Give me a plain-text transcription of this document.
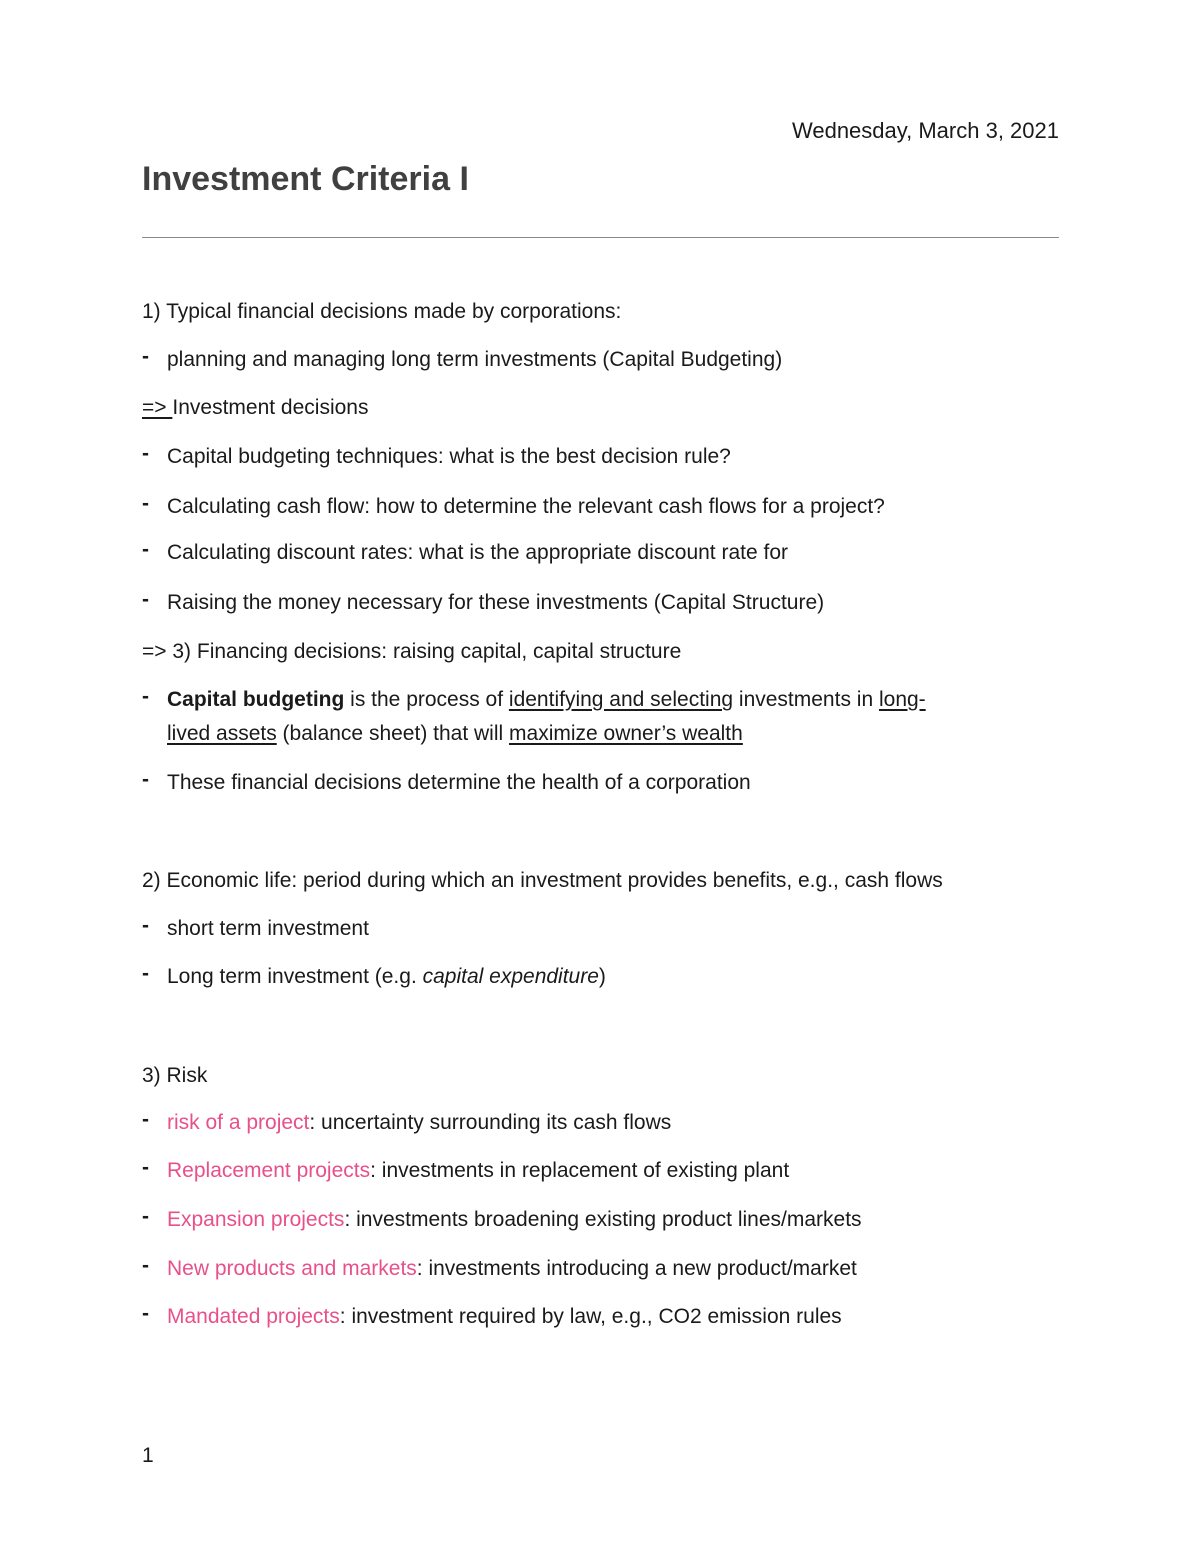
Wednesday, March 3, 2021
Investment Criteria I
1) Typical financial decisions made by corporations:
- planning and managing long term investments (Capital Budgeting)
=> Investment decisions
- Capital budgeting techniques: what is the best decision rule?
- Calculating cash flow: how to determine the relevant cash flows for a project?
- Calculating discount rates: what is the appropriate discount rate for
- Raising the money necessary for these investments (Capital Structure)
=> 3) Financing decisions: raising capital, capital structure
- Capital budgeting is the process of identifying and selecting investments in long-
lived assets (balance sheet) that will maximize owner’s wealth
- These financial decisions determine the health of a corporation
2) Economic life: period during which an investment provides benefits, e.g., cash flows
- short term investment
- Long term investment (e.g. capital expenditure)
3) Risk
- risk of a project: uncertainty surrounding its cash flows
- Replacement projects: investments in replacement of existing plant
- Expansion projects: investments broadening existing product lines/markets
- New products and markets: investments introducing a new product/market
- Mandated projects: investment required by law, e.g., CO2 emission rules
1
